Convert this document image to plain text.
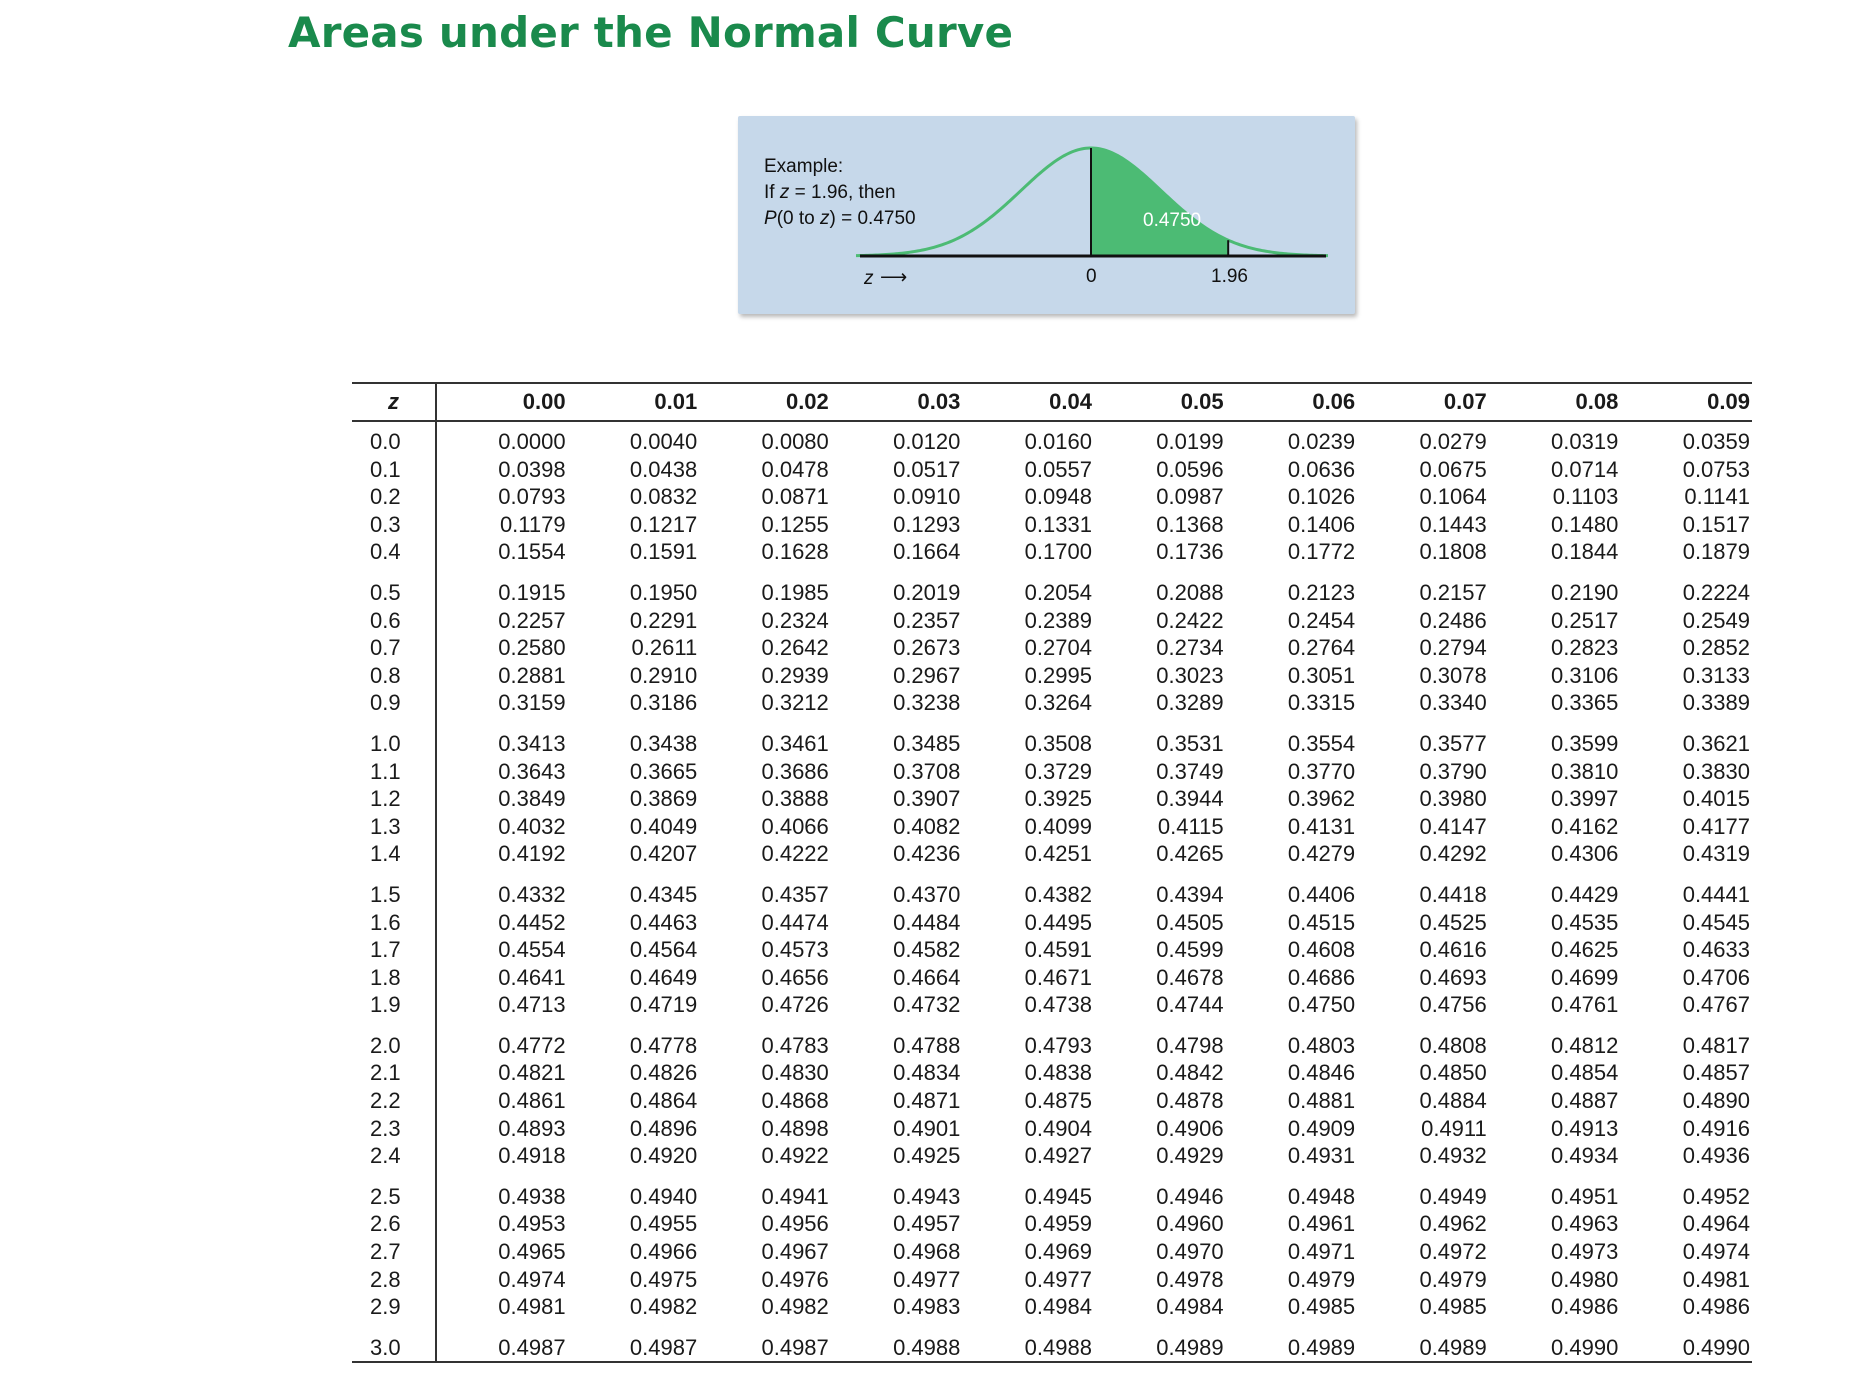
Areas under the Normal Curve
Example:
If z = 1.96, then
P(0 to z) = 0.4750	0.4750
0	1.96
z ⟶
z	0.00	0.01	0.02	0.03	0.04	0.05	0.06	0.07	0.08	0.09
0.0	0.0000	0.0040	0.0080	0.0120	0.0160	0.0199	0.0239	0.0279	0.0319	0.0359
0.1	0.0398	0.0438	0.0478	0.0517	0.0557	0.0596	0.0636	0.0675	0.0714	0.0753
0.2	0.0793	0.0832	0.0871	0.0910	0.0948	0.0987	0.1026	0.1064	0.1103	0.1141
0.3	0.1179	0.1217	0.1255	0.1293	0.1331	0.1368	0.1406	0.1443	0.1480	0.1517
0.4	0.1554	0.1591	0.1628	0.1664	0.1700	0.1736	0.1772	0.1808	0.1844	0.1879
0.5	0.1915	0.1950	0.1985	0.2019	0.2054	0.2088	0.2123	0.2157	0.2190	0.2224
0.6	0.2257	0.2291	0.2324	0.2357	0.2389	0.2422	0.2454	0.2486	0.2517	0.2549
0.7	0.2580	0.2611	0.2642	0.2673	0.2704	0.2734	0.2764	0.2794	0.2823	0.2852
0.8	0.2881	0.2910	0.2939	0.2967	0.2995	0.3023	0.3051	0.3078	0.3106	0.3133
0.9	0.3159	0.3186	0.3212	0.3238	0.3264	0.3289	0.3315	0.3340	0.3365	0.3389
1.0	0.3413	0.3438	0.3461	0.3485	0.3508	0.3531	0.3554	0.3577	0.3599	0.3621
1.1	0.3643	0.3665	0.3686	0.3708	0.3729	0.3749	0.3770	0.3790	0.3810	0.3830
1.2	0.3849	0.3869	0.3888	0.3907	0.3925	0.3944	0.3962	0.3980	0.3997	0.4015
1.3	0.4032	0.4049	0.4066	0.4082	0.4099	0.4115	0.4131	0.4147	0.4162	0.4177
1.4	0.4192	0.4207	0.4222	0.4236	0.4251	0.4265	0.4279	0.4292	0.4306	0.4319
1.5	0.4332	0.4345	0.4357	0.4370	0.4382	0.4394	0.4406	0.4418	0.4429	0.4441
1.6	0.4452	0.4463	0.4474	0.4484	0.4495	0.4505	0.4515	0.4525	0.4535	0.4545
1.7	0.4554	0.4564	0.4573	0.4582	0.4591	0.4599	0.4608	0.4616	0.4625	0.4633
1.8	0.4641	0.4649	0.4656	0.4664	0.4671	0.4678	0.4686	0.4693	0.4699	0.4706
1.9	0.4713	0.4719	0.4726	0.4732	0.4738	0.4744	0.4750	0.4756	0.4761	0.4767
2.0	0.4772	0.4778	0.4783	0.4788	0.4793	0.4798	0.4803	0.4808	0.4812	0.4817
2.1	0.4821	0.4826	0.4830	0.4834	0.4838	0.4842	0.4846	0.4850	0.4854	0.4857
2.2	0.4861	0.4864	0.4868	0.4871	0.4875	0.4878	0.4881	0.4884	0.4887	0.4890
2.3	0.4893	0.4896	0.4898	0.4901	0.4904	0.4906	0.4909	0.4911	0.4913	0.4916
2.4	0.4918	0.4920	0.4922	0.4925	0.4927	0.4929	0.4931	0.4932	0.4934	0.4936
2.5	0.4938	0.4940	0.4941	0.4943	0.4945	0.4946	0.4948	0.4949	0.4951	0.4952
2.6	0.4953	0.4955	0.4956	0.4957	0.4959	0.4960	0.4961	0.4962	0.4963	0.4964
2.7	0.4965	0.4966	0.4967	0.4968	0.4969	0.4970	0.4971	0.4972	0.4973	0.4974
2.8	0.4974	0.4975	0.4976	0.4977	0.4977	0.4978	0.4979	0.4979	0.4980	0.4981
2.9	0.4981	0.4982	0.4982	0.4983	0.4984	0.4984	0.4985	0.4985	0.4986	0.4986
3.0	0.4987	0.4987	0.4987	0.4988	0.4988	0.4989	0.4989	0.4989	0.4990	0.4990
